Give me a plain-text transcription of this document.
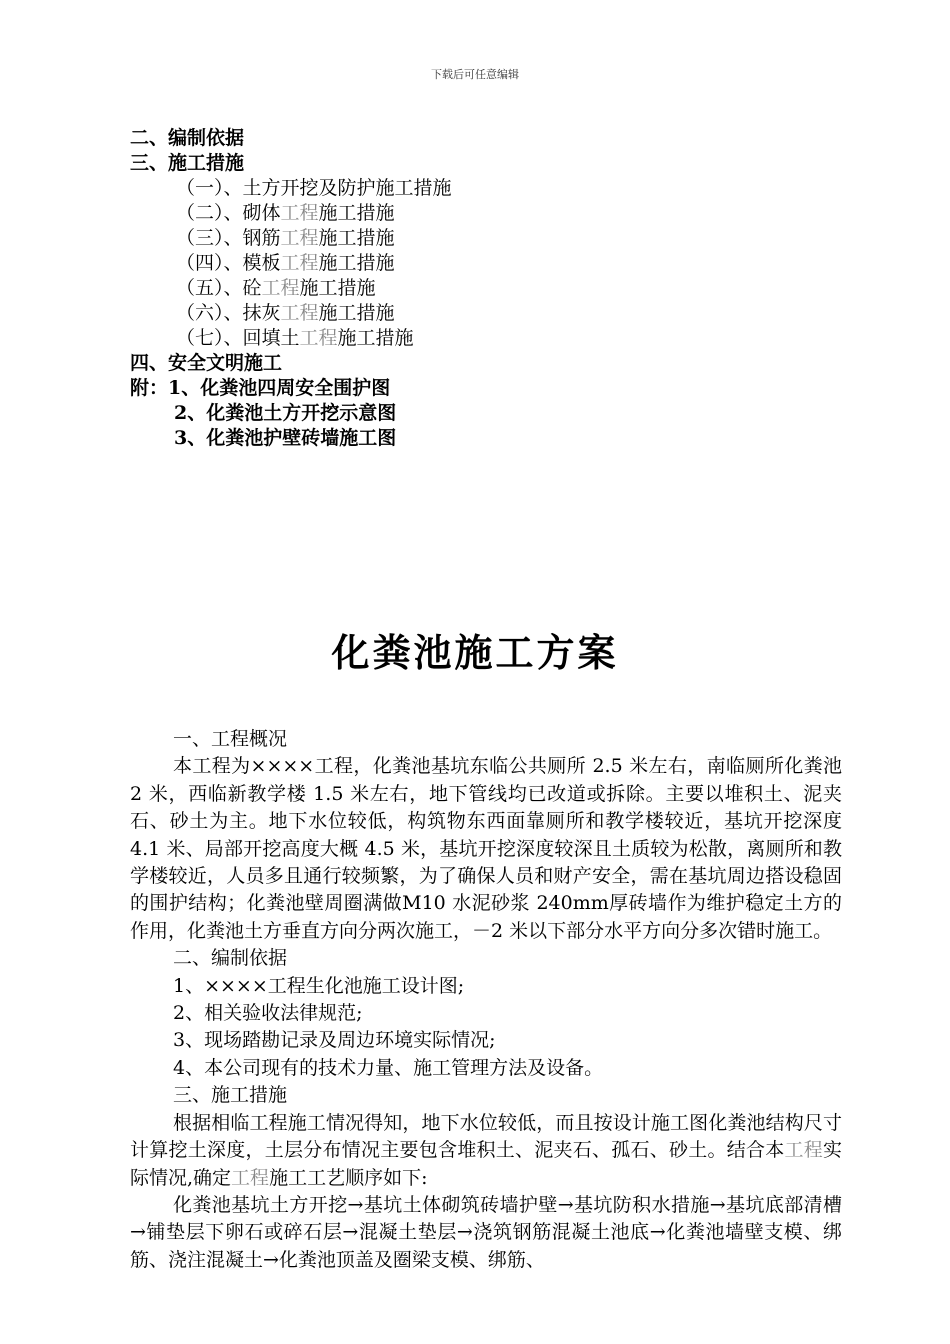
下载后可任意编辑
二、编制依据
三、施工措施
（一）、土方开挖及防护施工措施
（二）、砌体工程施工措施
（三）、钢筋工程施工措施
（四）、模板工程施工措施
（五）、砼工程施工措施
（六）、抹灰工程施工措施
（七）、回填土工程施工措施
四、安全文明施工
附：1、化粪池四周安全围护图
2、化粪池土方开挖示意图
3、化粪池护壁砖墙施工图
化粪池施工方案

一、工程概况

本工程为××××工程，化粪池基坑东临公共厕所 2.5 米左右，南临厕所化粪池 2 米，西临新教学楼 1.5 米左右，地下管线均已改道或拆除。主要以堆积土、泥夹石、砂土为主。地下水位较低，构筑物东西面靠厕所和教学楼较近，基坑开挖深度 4.1 米、局部开挖高度大概 4.5 米，基坑开挖深度较深且土质较为松散，离厕所和教学楼较近，人员多且通行较频繁，为了确保人员和财产安全，需在基坑周边搭设稳固的围护结构；化粪池壁周圈满做M10 水泥砂浆 240mm厚砖墙作为维护稳定土方的作用，化粪池土方垂直方向分两次施工，－2 米以下部分水平方向分多次错时施工。

二、编制依据

1、××××工程生化池施工设计图;

2、相关验收法律规范;

3、现场踏勘记录及周边环境实际情况;

4、本公司现有的技术力量、施工管理方法及设备。

三、施工措施

根据相临工程施工情况得知，地下水位较低，而且按设计施工图化粪池结构尺寸计算挖土深度，土层分布情况主要包含堆积土、泥夹石、孤石、砂土。结合本工程实际情况,确定工程施工工艺顺序如下:

化粪池基坑土方开挖→基坑土体砌筑砖墙护壁→基坑防积水措施→基坑底部清槽→铺垫层下卵石或碎石层→混凝土垫层→浇筑钢筋混凝土池底→化粪池墙壁支模、绑筋、浇注混凝土→化粪池顶盖及圈梁支模、绑筋、
